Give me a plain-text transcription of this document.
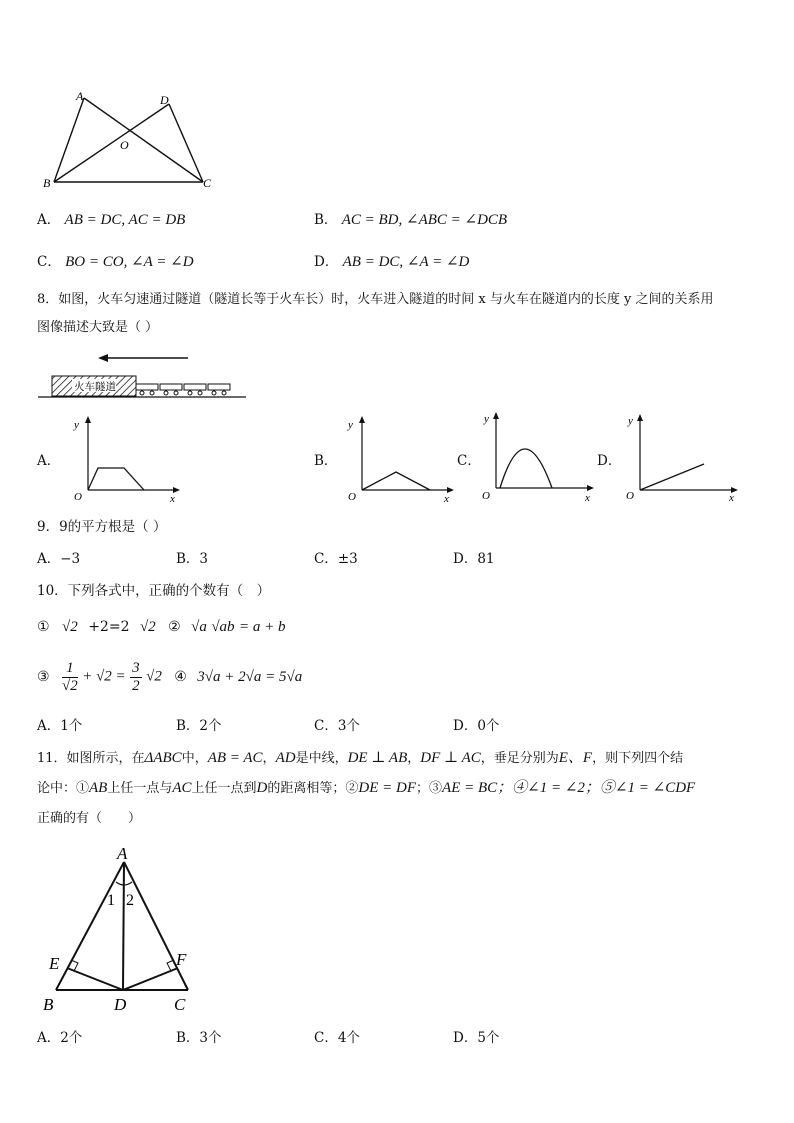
A	D
O
B	C
A． AB = DC, AC = DB	B． AC = BD, ∠ABC = ∠DCB
C． BO = CO, ∠A = ∠D	D． AB = DC, ∠A = ∠D
8．如图，火车匀速通过隧道（隧道长等于火车长）时，火车进入隧道的时间 x 与火车在隧道内的长度 y 之间的关系用
图像描述大致是（ ）
火车隧道
A．	B．	C．	D．
y
x
O
y
x
O
y
x
O
y
x
O
9．9的平方根是（ ）
A．−3	B．3	C．±3	D．81
10．下列各式中，正确的个数有（　）
① √2 +2=2 √2 ② √a √ab = a + b
③ $\frac{1}{√2} + √2 = \frac{3}{2} √2$ ④ 3√a + 2√a = 5√a
A．1个	B．2个	C．3个	D．0个
11．如图所示，在ΔABC中，AB = AC，AD是中线，DE ⊥ AB，DF ⊥ AC，垂足分别为E、F，则下列四个结
论中：①AB上任一点与AC上任一点到D的距离相等；②DE = DF；③AE = BC；④∠1 = ∠2；⑤∠1 = ∠CDF
正确的有（　　）
A
1 2
E	F
B	D	C
A．2个	B．3个	C．4个	D．5个
